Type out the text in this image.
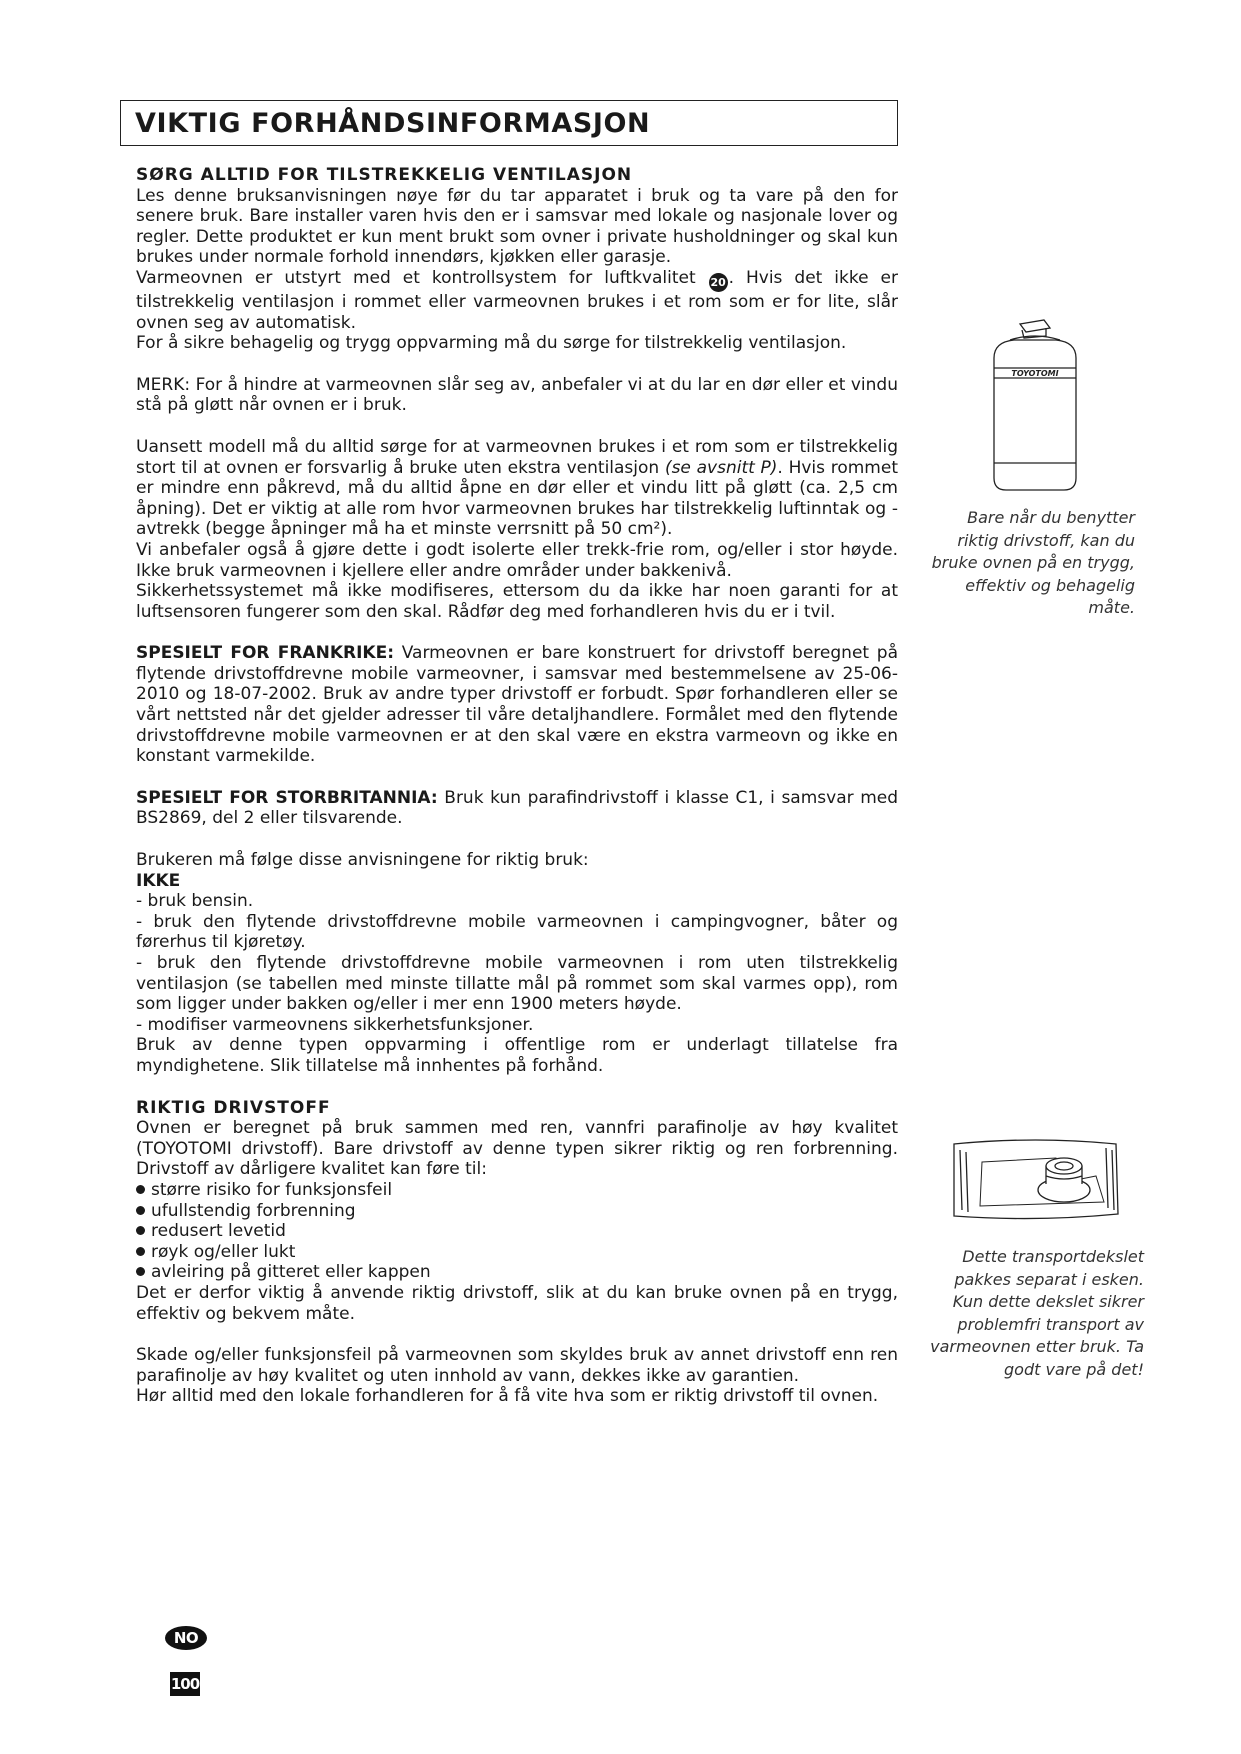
VIKTIG FORHÅNDSINFORMASJON

SØRG ALLTID FOR TILSTREKKELIG VENTILASJON

Les denne bruksanvisningen nøye før du tar apparatet i bruk og ta vare på den for senere bruk. Bare installer varen hvis den er i samsvar med lokale og nasjonale lover og regler. Dette produktet er kun ment brukt som ovner i private husholdninger og skal kun brukes under normale forhold innendørs, kjøkken eller garasje.

Varmeovnen er utstyrt med et kontrollsystem for luftkvalitet 20 . Hvis det ikke er tilstrekkelig ventilasjon i rommet eller varmeovnen brukes i et rom som er for lite, slår ovnen seg av automatisk.

For å sikre behagelig og trygg oppvarming må du sørge for tilstrekkelig ventilasjon.

MERK: For å hindre at varmeovnen slår seg av, anbefaler vi at du lar en dør eller et vindu stå på gløtt når ovnen er i bruk.

Uansett modell må du alltid sørge for at varmeovnen brukes i et rom som er tilstrekkelig stort til at ovnen er forsvarlig å bruke uten ekstra ventilasjon (se avsnitt P). Hvis rommet er mindre enn påkrevd, må du alltid åpne en dør eller et vindu litt på gløtt (ca. 2,5 cm åpning). Det er viktig at alle rom hvor varmeovnen brukes har tilstrekkelig luftinntak og -avtrekk (begge åpninger må ha et minste verrsnitt på 50 cm²).

Vi anbefaler også å gjøre dette i godt isolerte eller trekk-frie rom, og/eller i stor høyde. Ikke bruk varmeovnen i kjellere eller andre områder under bakkenivå.

Sikkerhetssystemet må ikke modifiseres, ettersom du da ikke har noen garanti for at luftsensoren fungerer som den skal. Rådfør deg med forhandleren hvis du er i tvil.

SPESIELT FOR FRANKRIKE: Varmeovnen er bare konstruert for drivstoff beregnet på flytende drivstoffdrevne mobile varmeovner, i samsvar med bestemmelsene av 25-06-2010 og 18-07-2002. Bruk av andre typer drivstoff er forbudt. Spør forhandleren eller se vårt nettsted når det gjelder adresser til våre detaljhandlere. Formålet med den flytende drivstoffdrevne mobile varmeovnen er at den skal være en ekstra varmeovn og ikke en konstant varmekilde.

SPESIELT FOR STORBRITANNIA: Bruk kun parafindrivstoff i klasse C1, i samsvar med BS2869, del 2 eller tilsvarende.

Brukeren må følge disse anvisningene for riktig bruk:

IKKE

- bruk bensin.

- bruk den flytende drivstoffdrevne mobile varmeovnen i campingvogner, båter og førerhus til kjøretøy.

- bruk den flytende drivstoffdrevne mobile varmeovnen i rom uten tilstrekkelig ventilasjon (se tabellen med minste tillatte mål på rommet som skal varmes opp), rom som ligger under bakken og/eller i mer enn 1900 meters høyde.

- modifiser varmeovnens sikkerhetsfunksjoner.

Bruk av denne typen oppvarming i offentlige rom er underlagt tillatelse fra myndighetene. Slik tillatelse må innhentes på forhånd.

RIKTIG DRIVSTOFF

Ovnen er beregnet på bruk sammen med ren, vannfri parafinolje av høy kvalitet (TOYOTOMI drivstoff). Bare drivstoff av denne typen sikrer riktig og ren forbrenning. Drivstoff av dårligere kvalitet kan føre til:

større risiko for funksjonsfeil

ufullstendig forbrenning

redusert levetid

røyk og/eller lukt

avleiring på gitteret eller kappen

Det er derfor viktig å anvende riktig drivstoff, slik at du kan bruke ovnen på en trygg, effektiv og bekvem måte.

Skade og/eller funksjonsfeil på varmeovnen som skyldes bruk av annet drivstoff enn ren parafinolje av høy kvalitet og uten innhold av vann, dekkes ikke av garantien.

Hør alltid med den lokale forhandleren for å få vite hva som er riktig drivstoff til ovnen.

TOYOTOMI
Bare når du benytter riktig drivstoff, kan du bruke ovnen på en trygg, effektiv og behagelig måte.
Dette transportdekslet pakkes separat i esken. Kun dette dekslet sikrer problemfri transport av varmeovnen etter bruk. Ta godt vare på det!
NO
100
